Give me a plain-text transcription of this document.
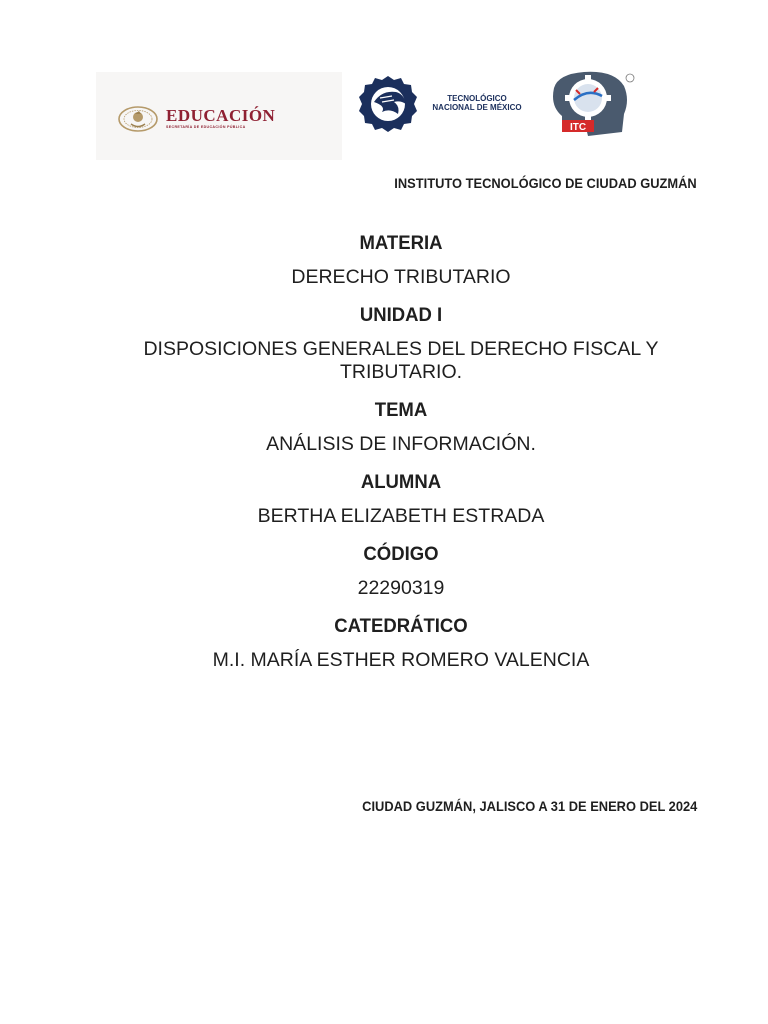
EDUCACIÓN
SECRETARÍA DE EDUCACIÓN PÚBLICA
TECNOLÓGICO
NACIONAL DE MÉXICO
ITC
INSTITUTO TECNOLÓGICO DE CIUDAD GUZMÁN

MATERIA

DERECHO TRIBUTARIO

UNIDAD I

DISPOSICIONES GENERALES DEL DERECHO FISCAL Y

TRIBUTARIO.

TEMA

ANÁLISIS DE INFORMACIÓN.

ALUMNA

BERTHA ELIZABETH ESTRADA

CÓDIGO

22290319

CATEDRÁTICO

M.I. MARÍA ESTHER ROMERO VALENCIA

CIUDAD GUZMÁN, JALISCO A 31 DE ENERO DEL 2024
